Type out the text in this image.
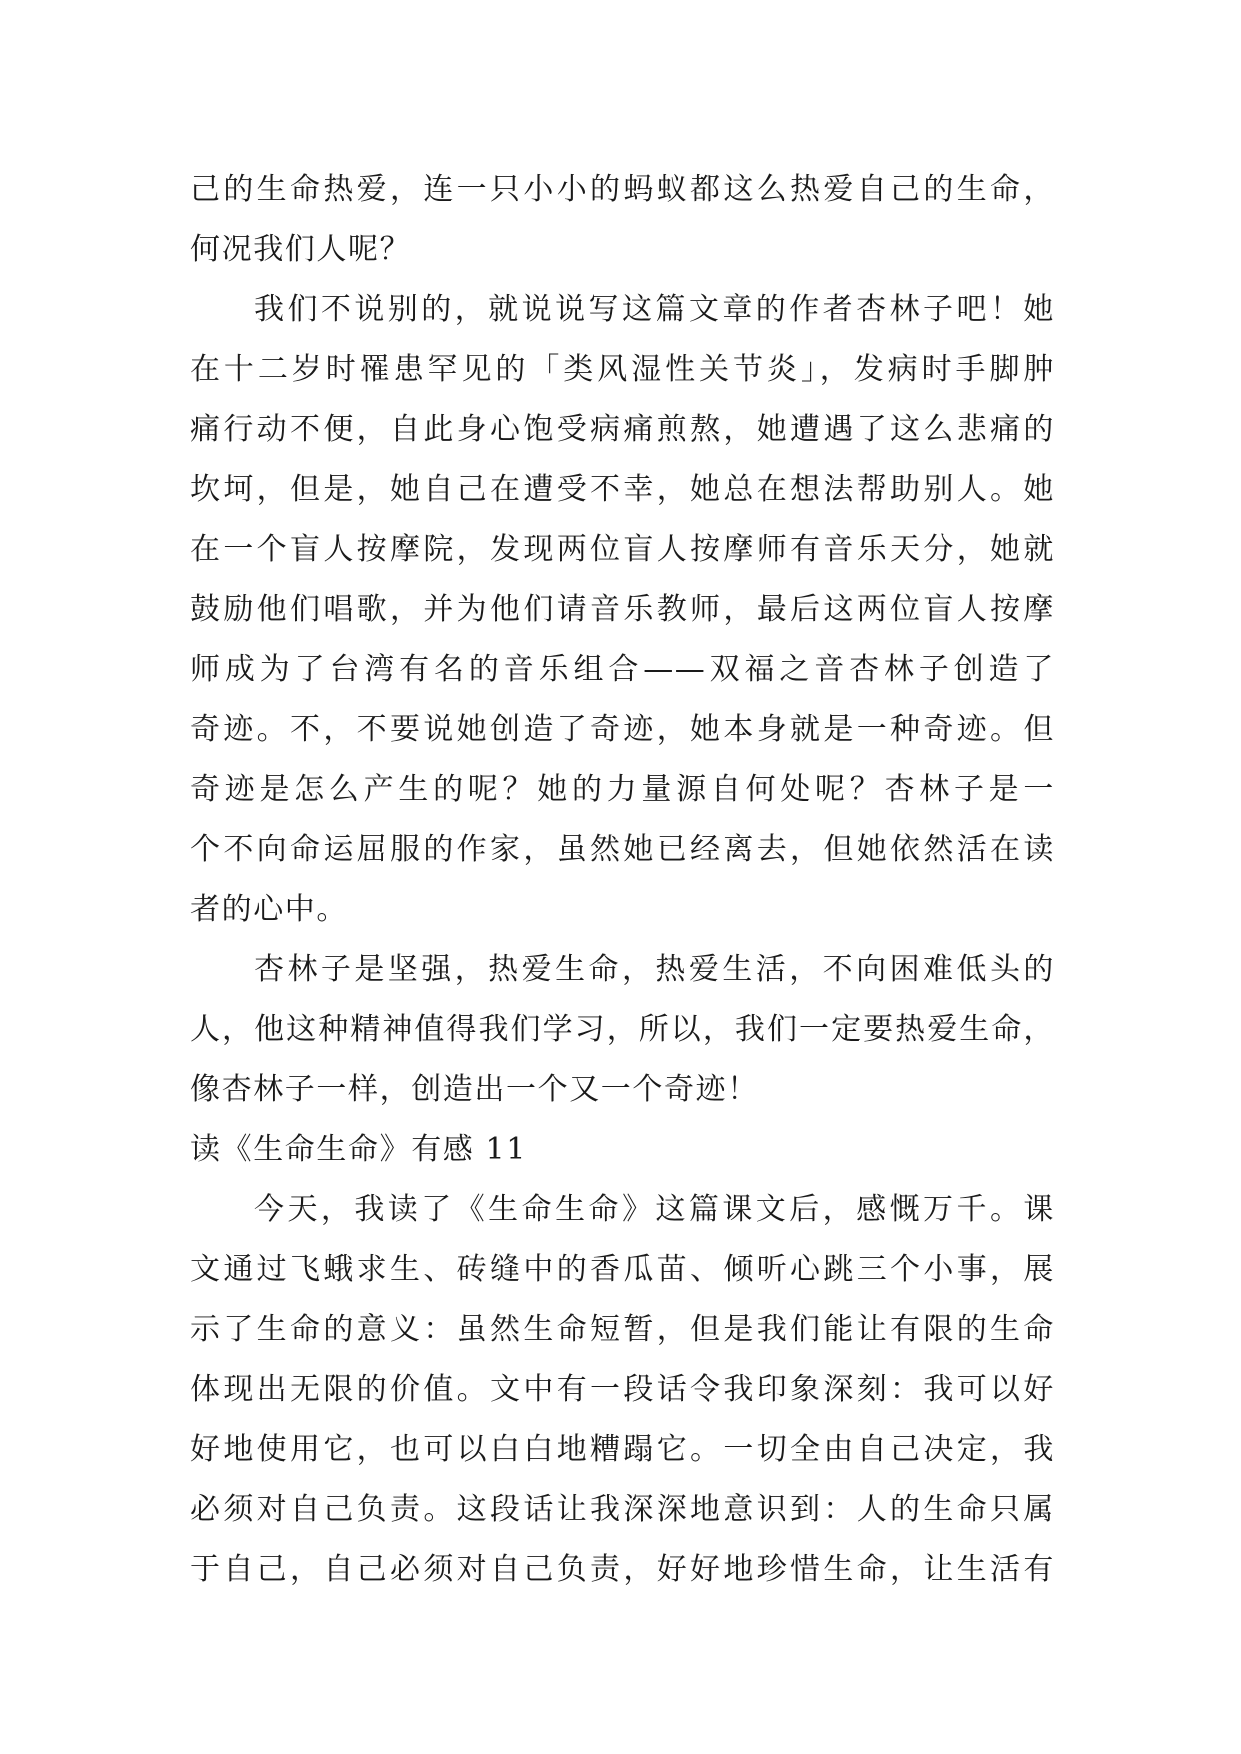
己的生命热爱，连一只小小的蚂蚁都这么热爱自己的生命，
何况我们人呢？
我们不说别的，就说说写这篇文章的作者杏林子吧！她
在十二岁时罹患罕见的「类风湿性关节炎」，发病时手脚肿
痛行动不便，自此身心饱受病痛煎熬，她遭遇了这么悲痛的
坎坷，但是，她自己在遭受不幸，她总在想法帮助别人。她
在一个盲人按摩院，发现两位盲人按摩师有音乐天分，她就
鼓励他们唱歌，并为他们请音乐教师，最后这两位盲人按摩
师成为了台湾有名的音乐组合——双福之音杏林子创造了
奇迹。不，不要说她创造了奇迹，她本身就是一种奇迹。但
奇迹是怎么产生的呢？她的力量源自何处呢？杏林子是一
个不向命运屈服的作家，虽然她已经离去，但她依然活在读
者的心中。
杏林子是坚强，热爱生命，热爱生活，不向困难低头的
人，他这种精神值得我们学习，所以，我们一定要热爱生命，
像杏林子一样，创造出一个又一个奇迹！
读《生命生命》有感 11
今天，我读了《生命生命》这篇课文后，感慨万千。课
文通过飞蛾求生、砖缝中的香瓜苗、倾听心跳三个小事，展
示了生命的意义：虽然生命短暂，但是我们能让有限的生命
体现出无限的价值。文中有一段话令我印象深刻：我可以好
好地使用它，也可以白白地糟蹋它。一切全由自己决定，我
必须对自己负责。这段话让我深深地意识到：人的生命只属
于自己，自己必须对自己负责，好好地珍惜生命，让生活有
